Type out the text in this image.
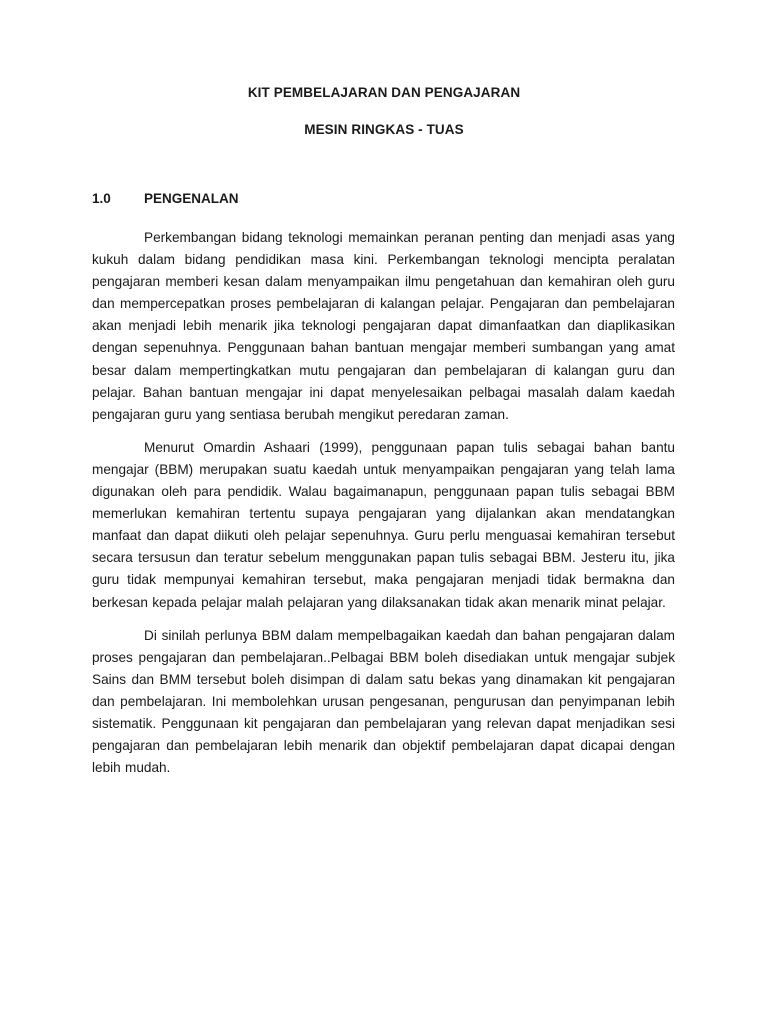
KIT PEMBELAJARAN DAN PENGAJARAN
MESIN RINGKAS - TUAS
1.0	PENGENALAN

Perkembangan bidang teknologi memainkan peranan penting dan menjadi asas yang kukuh dalam bidang pendidikan masa kini. Perkembangan teknologi mencipta peralatan pengajaran memberi kesan dalam menyampaikan ilmu pengetahuan dan kemahiran oleh guru dan mempercepatkan proses pembelajaran di kalangan pelajar. Pengajaran dan pembelajaran akan menjadi lebih menarik jika teknologi pengajaran dapat dimanfaatkan dan diaplikasikan dengan sepenuhnya. Penggunaan bahan bantuan mengajar memberi sumbangan yang amat besar dalam mempertingkatkan mutu pengajaran dan pembelajaran di kalangan guru dan pelajar. Bahan bantuan mengajar ini dapat menyelesaikan pelbagai masalah dalam kaedah pengajaran guru yang sentiasa berubah mengikut peredaran zaman.

Menurut Omardin Ashaari (1999), penggunaan papan tulis sebagai bahan bantu mengajar (BBM) merupakan suatu kaedah untuk menyampaikan pengajaran yang telah lama digunakan oleh para pendidik. Walau bagaimanapun, penggunaan papan tulis sebagai BBM memerlukan kemahiran tertentu supaya pengajaran yang dijalankan akan mendatangkan manfaat dan dapat diikuti oleh pelajar sepenuhnya. Guru perlu menguasai kemahiran tersebut secara tersusun dan teratur sebelum menggunakan papan tulis sebagai BBM. Jesteru itu, jika guru tidak mempunyai kemahiran tersebut, maka pengajaran menjadi tidak bermakna dan berkesan kepada pelajar malah pelajaran yang dilaksanakan tidak akan menarik minat pelajar.

Di sinilah perlunya BBM dalam mempelbagaikan kaedah dan bahan pengajaran dalam proses pengajaran dan pembelajaran..Pelbagai BBM boleh disediakan untuk mengajar subjek Sains dan BMM tersebut boleh disimpan di dalam satu bekas yang dinamakan kit pengajaran dan pembelajaran. Ini membolehkan urusan pengesanan, pengurusan dan penyimpanan lebih sistematik. Penggunaan kit pengajaran dan pembelajaran yang relevan dapat menjadikan sesi pengajaran dan pembelajaran lebih menarik dan objektif pembelajaran dapat dicapai dengan lebih mudah.
